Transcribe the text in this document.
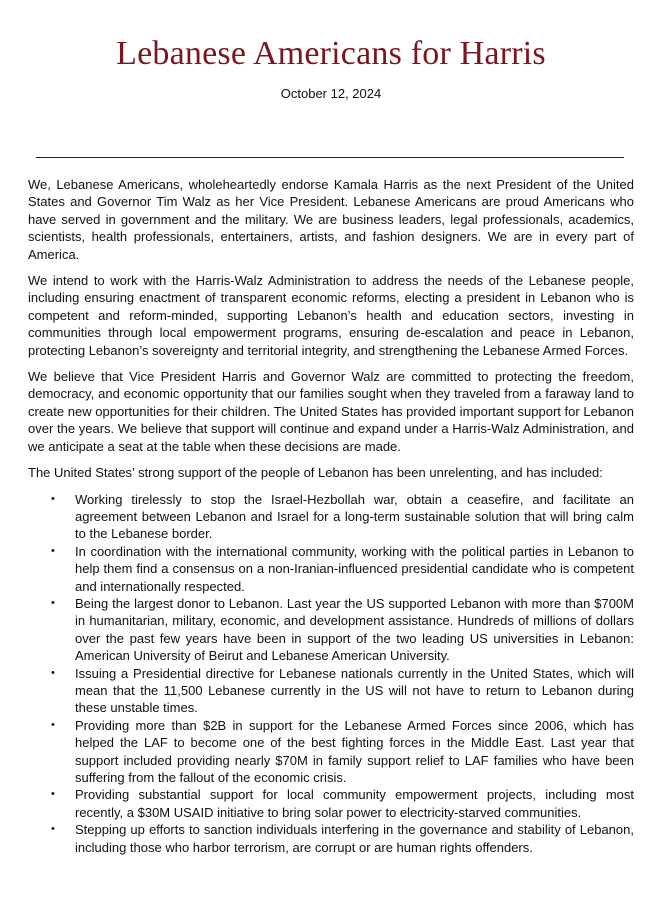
Lebanese Americans for Harris
October 12, 2024

We, Lebanese Americans, wholeheartedly endorse Kamala Harris as the next President of the United States and Governor Tim Walz as her Vice President. Lebanese Americans are proud Americans who have served in government and the military. We are business leaders, legal professionals, academics, scientists, health professionals, entertainers, artists, and fashion designers. We are in every part of America.

We intend to work with the Harris-Walz Administration to address the needs of the Lebanese people, including ensuring enactment of transparent economic reforms, electing a president in Lebanon who is competent and reform-minded, supporting Lebanon’s health and education sectors, investing in communities through local empowerment programs, ensuring de-escalation and peace in Lebanon, protecting Lebanon’s sovereignty and territorial integrity, and strengthening the Lebanese Armed Forces.

We believe that Vice President Harris and Governor Walz are committed to protecting the freedom, democracy, and economic opportunity that our families sought when they traveled from a faraway land to create new opportunities for their children. The United States has provided important support for Lebanon over the years. We believe that support will continue and expand under a Harris-Walz Administration, and we anticipate a seat at the table when these decisions are made.

The United States’ strong support of the people of Lebanon has been unrelenting, and has included:

• Working tirelessly to stop the Israel-Hezbollah war, obtain a ceasefire, and facilitate an agreement between Lebanon and Israel for a long-term sustainable solution that will bring calm to the Lebanese border.
• In coordination with the international community, working with the political parties in Lebanon to help them find a consensus on a non-Iranian-influenced presidential candidate who is competent and internationally respected.
• Being the largest donor to Lebanon. Last year the US supported Lebanon with more than $700M in humanitarian, military, economic, and development assistance. Hundreds of millions of dollars over the past few years have been in support of the two leading US universities in Lebanon: American University of Beirut and Lebanese American University.
• Issuing a Presidential directive for Lebanese nationals currently in the United States, which will mean that the 11,500 Lebanese currently in the US will not have to return to Lebanon during these unstable times.
• Providing more than $2B in support for the Lebanese Armed Forces since 2006, which has helped the LAF to become one of the best fighting forces in the Middle East. Last year that support included providing nearly $70M in family support relief to LAF families who have been suffering from the fallout of the economic crisis.
• Providing substantial support for local community empowerment projects, including most recently, a $30M USAID initiative to bring solar power to electricity-starved communities.
• Stepping up efforts to sanction individuals interfering in the governance and stability of Lebanon, including those who harbor terrorism, are corrupt or are human rights offenders.
